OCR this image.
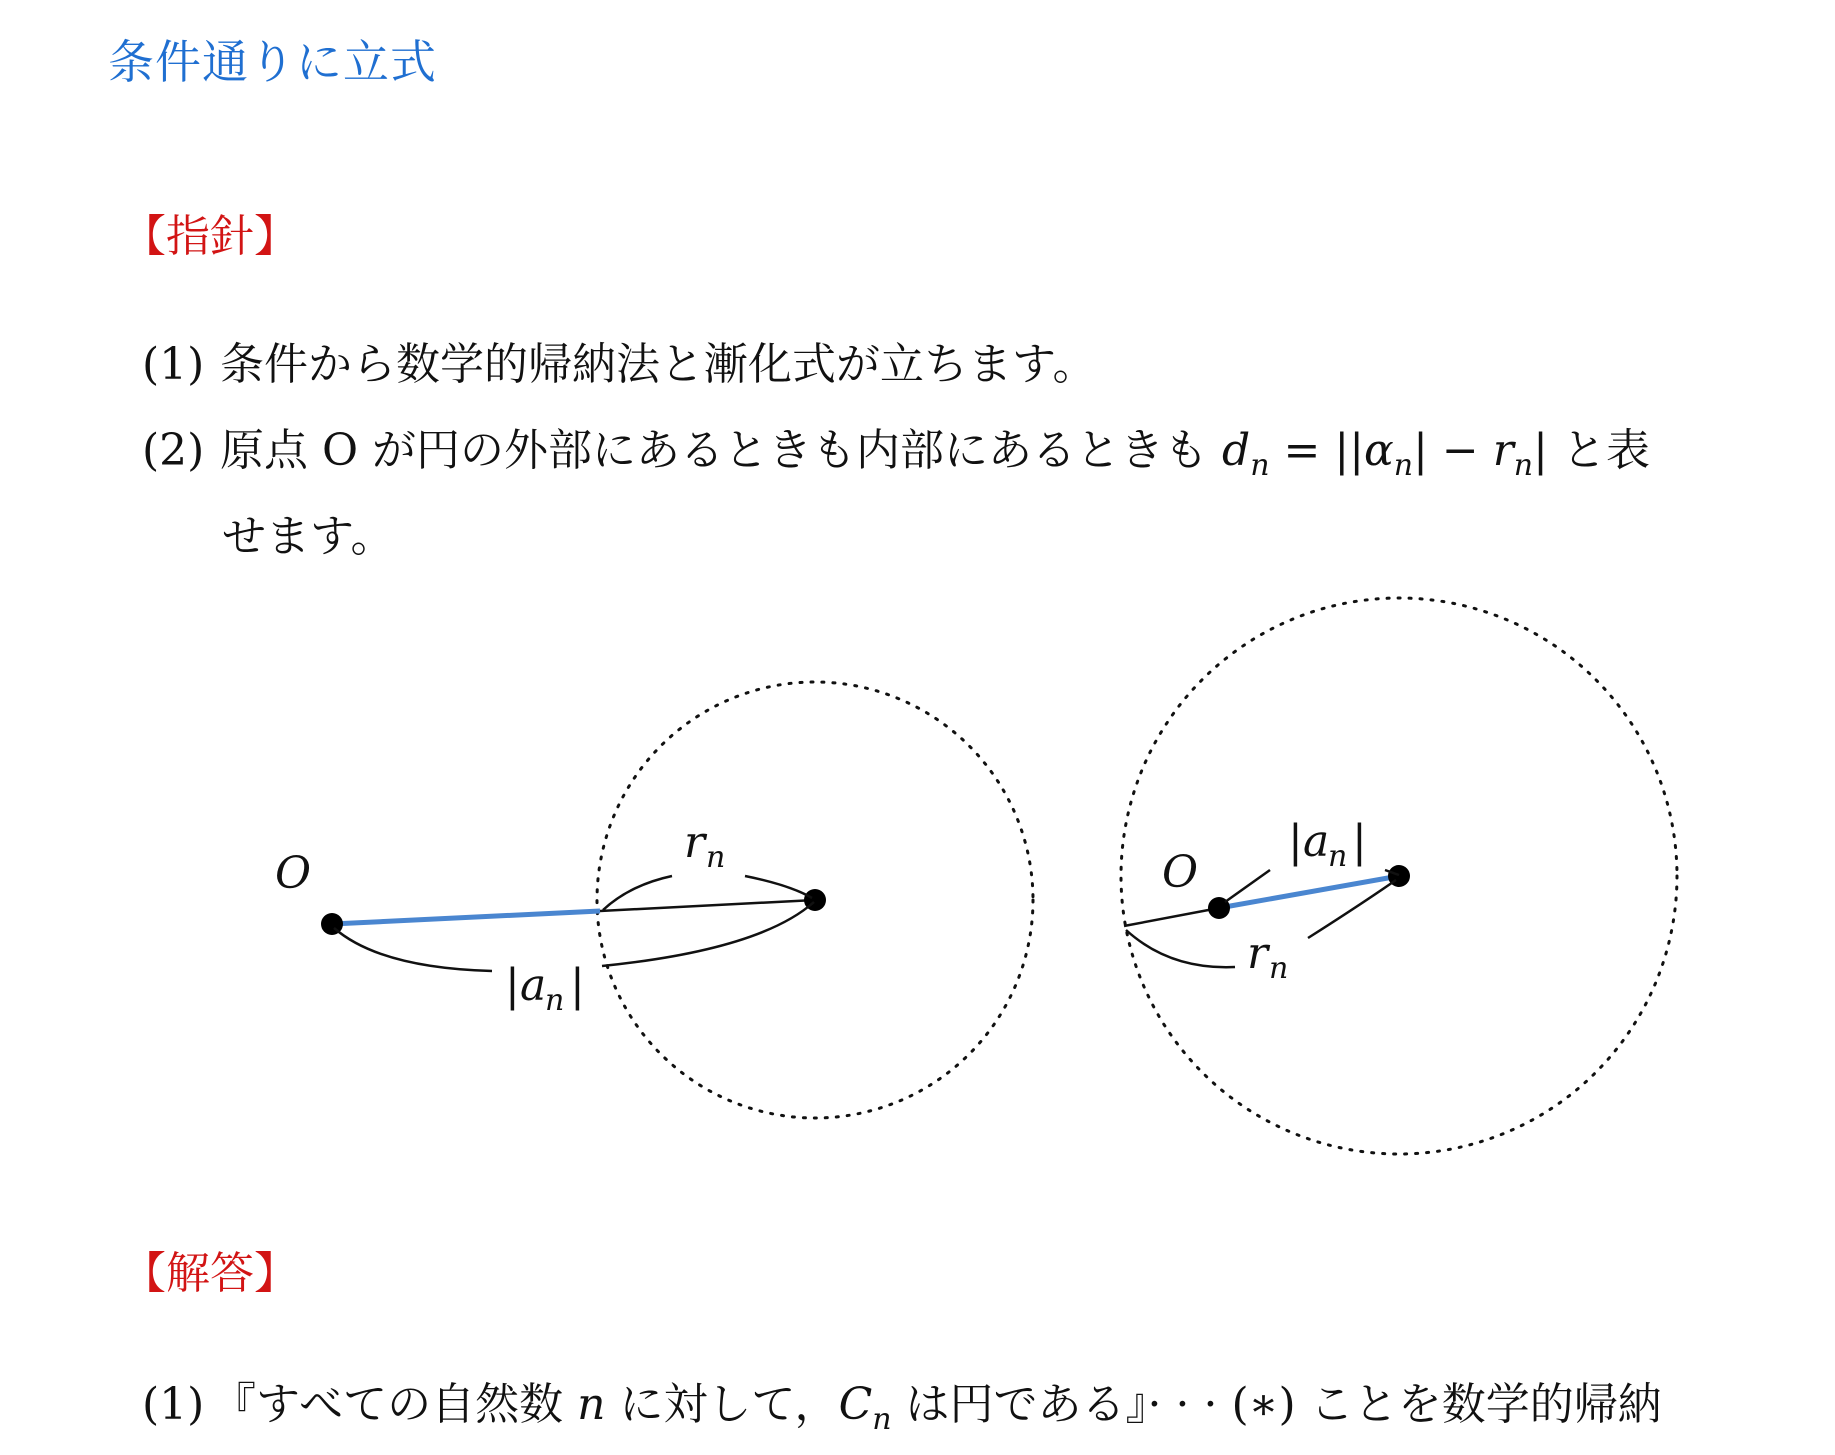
条件通りに立式
【指針】
(1) 条件から数学的帰納法と漸化式が立ちます。
(2) 原点 O が円の外部にあるときも内部にあるときも $d_n = ||\alpha_n| - r_n|$ と表
せます。
O
r n
| a
n |
O
| a
n |
r n
【解答】
(1) 『すべての自然数 n に対して，$C_n$ は円である』· · · (∗) ことを数学的帰納
